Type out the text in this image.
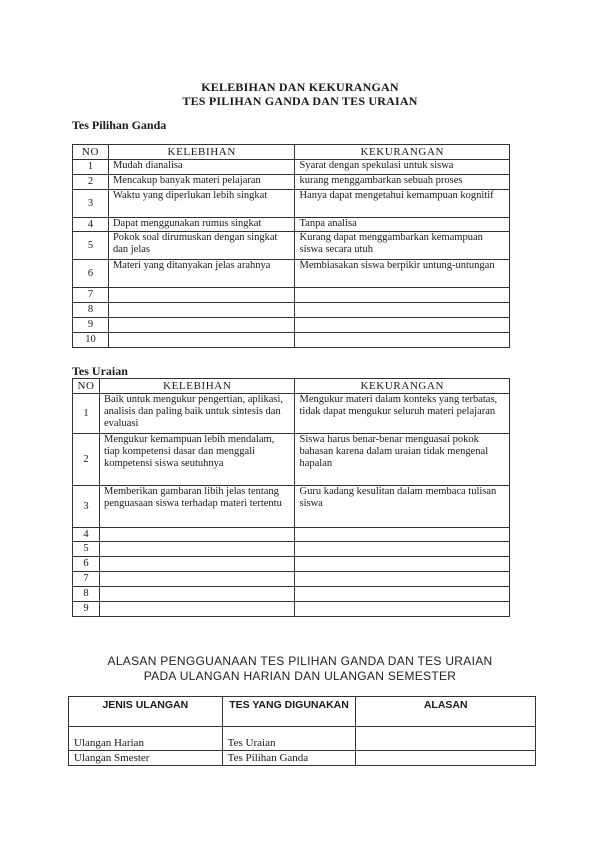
KELEBIHAN DAN KEKURANGAN
TES PILIHAN GANDA DAN TES URAIAN
Tes Pilihan Ganda
NO	KELEBIHAN	KEKURANGAN
1	Mudah dianalisa	Syarat dengan spekulasi untuk siswa
2	Mencakup banyak materi pelajaran	kurang menggambarkan sebuah proses
3	Waktu yang diperlukan lebih singkat	Hanya dapat mengetahui kemampuan kognitif
4	Dapat menggunakan rumus singkat	Tanpa analisa
5	Pokok soal dirumuskan dengan singkat dan jelas	Kurang dapat menggambarkan kemampuan siswa secara utuh
6	Materi yang ditanyakan jelas arahnya	Membiasakan siswa berpikir untung-untungan
7		
8		
9		
10		
Tes Uraian
NO	KELEBIHAN	KEKURANGAN
1	Baik untuk mengukur pengertian, aplikasi, analisis dan paling baik untuk sintesis dan evaluasi	Mengukur materi dalam konteks yang terbatas, tidak dapat mengukur seluruh materi pelajaran
2	Mengukur kemampuan lebih mendalam, tiap kompetensi dasar dan menggali kompetensi siswa seutuhnya	Siswa harus benar-benar menguasai pokok bahasan karena dalam uraian tidak mengenal hapalan
3	Memberikan gambaran libih jelas tentang penguasaan siswa terhadap materi tertentu	Guru kadang kesulitan dalam membaca tulisan siswa
4		
5		
6		
7		
8		
9		
ALASAN PENGGUANAAN TES PILIHAN GANDA DAN TES URAIAN
PADA ULANGAN HARIAN DAN ULANGAN SEMESTER
JENIS ULANGAN	TES YANG DIGUNAKAN	ALASAN
Ulangan Harian	Tes Uraian	
Ulangan Smester	Tes Pilihan Ganda	
